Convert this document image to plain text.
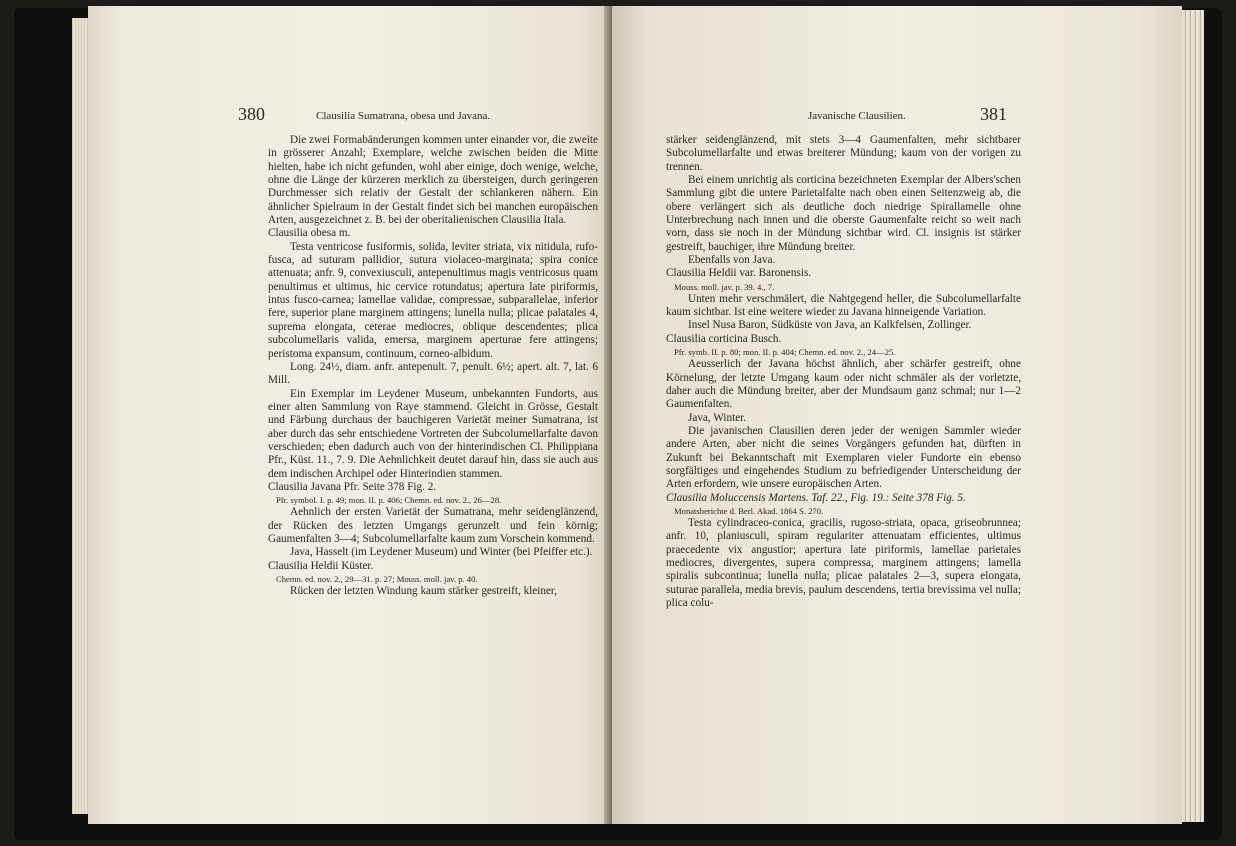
380	Clausilia Sumatrana, obesa und Javana.
Die zwei Formabänderungen kommen unter einander vor, die zweite in grösserer Anzahl; Exemplare, welche zwischen beiden die Mitte hielten, habe ich nicht gefunden, wohl aber einige, doch wenige, welche, ohne die Länge der kürzeren merklich zu übersteigen, durch geringeren Durchmesser sich relativ der Gestalt der schlankeren nähern. Ein ähnlicher Spielraum in der Gestalt findet sich bei manchen europäischen Arten, ausgezeichnet z. B. bei der oberitalienischen Clausilia Itala.
Clausilia obesa m.
Testa ventricose fusiformis, solida, leviter striata, vix nitidula, rufo-fusca, ad suturam pallidior, sutura violaceo-marginata; spira conice attenuata; anfr. 9, convexiusculi, antepenultimus magis ventricosus quam penultimus et ultimus, hic cervice rotundatus; apertura late piriformis, intus fusco-carnea; lamellae validae, compressae, subparallelae, inferior fere, superior plane marginem attingens; lunella nulla; plicae palatales 4, suprema elongata, ceterae mediocres, oblique descendentes; plica subcolumellaris valida, emersa, marginem aperturae fere attingens; peristoma expansum, continuum, corneo-albidum.
Long. 24½, diam. anfr. antepenult. 7, penult. 6½; apert. alt. 7, lat. 6 Mill.
Ein Exemplar im Leydener Museum, unbekannten Fundorts, aus einer alten Sammlung von Raye stammend. Gleicht in Grösse, Gestalt und Färbung durchaus der bauchigeren Varietät meiner Sumatrana, ist aber durch das sehr entschiedene Vortreten der Subcolumellarfalte davon verschieden; eben dadurch auch von der hinterindischen Cl. Philippiana Pfr., Küst. 11., 7. 9. Die Aehnlichkeit deutet darauf hin, dass sie auch aus dem indischen Archipel oder Hinterindien stammen.
Clausilia Javana Pfr. Seite 378 Fig. 2.
Pfr. symbol. I. p. 49; mon. II. p. 406; Chemn. ed. nov. 2., 26—28.
Aehnlich der ersten Varietät der Sumatrana, mehr seidenglänzend, der Rücken des letzten Umgangs gerunzelt und fein körnig; Gaumenfalten 3—4; Subcolumellarfalte kaum zum Vorschein kommend.
Java, Hasselt (im Leydener Museum) und Winter (bei Pfeiffer etc.).
Clausilia Heldii Küster.
Chemn. ed. nov. 2., 29—31. p. 27; Mouss. moll. jav. p. 40.
Rücken der letzten Windung kaum stärker gestreift, kleiner,
Javanische Clausilien.	381
stärker seidenglänzend, mit stets 3—4 Gaumenfalten, mehr sichtbarer Subcolumellarfalte und etwas breiterer Mündung; kaum von der vorigen zu trennen.
Bei einem unrichtig als corticina bezeichneten Exemplar der Albers'schen Sammlung gibt die untere Parietalfalte nach oben einen Seitenzweig ab, die obere verlängert sich als deutliche doch niedrige Spirallamelle ohne Unterbrechung nach innen und die oberste Gaumenfalte reicht so weit nach vorn, dass sie noch in der Mündung sichtbar wird. Cl. insignis ist stärker gestreift, bauchiger, ihre Mündung breiter.
Ebenfalls von Java.
Clausilia Heldii var. Baronensis.
Mouss. moll. jav. p. 39. 4., 7.
Unten mehr verschmälert, die Nahtgegend heller, die Subcolumellarfalte kaum sichtbar. Ist eine weitere wieder zu Javana hinneigende Variation.
Insel Nusa Baron, Südküste von Java, an Kalkfelsen, Zollinger.
Clausilia corticina Busch.
Pfr. symb. II. p. 80; mon. II. p. 404; Chemn. ed. nov. 2., 24—25.
Aeusserlich der Javana höchst ähnlich, aber schärfer gestreift, ohne Körnelung, der letzte Umgang kaum oder nicht schmäler als der vorletzte, daher auch die Mündung breiter, aber der Mundsaum ganz schmal; nur 1—2 Gaumenfalten.
Java, Winter.
Die javanischen Clausilien deren jeder der wenigen Sammler wieder andere Arten, aber nicht die seines Vorgängers gefunden hat, dürften in Zukunft bei Bekanntschaft mit Exemplaren vieler Fundorte ein ebenso sorgfältiges und eingehendes Studium zu befriedigender Unterscheidung der Arten erfordern, wie unsere europäischen Arten.
Clausilia Moluccensis Martens. Taf. 22., Fig. 19.: Seite 378 Fig. 5.
Monatsberichte d. Berl. Akad. 1864 S. 270.
Testa cylindraceo-conica, gracilis, rugoso-striata, opaca, griseobrunnea; anfr. 10, planiusculi, spiram regulariter attenuatam efficientes, ultimus praecedente vix angustior; apertura late piriformis, lamellae parietales mediocres, divergentes, supera compressa, marginem attingens; lamella spiralis subcontinua; lunella nulla; plicae palatales 2—3, supera elongata, suturae parallela, media brevis, paulum descendens, tertia brevissima vel nulla; plica colu-
